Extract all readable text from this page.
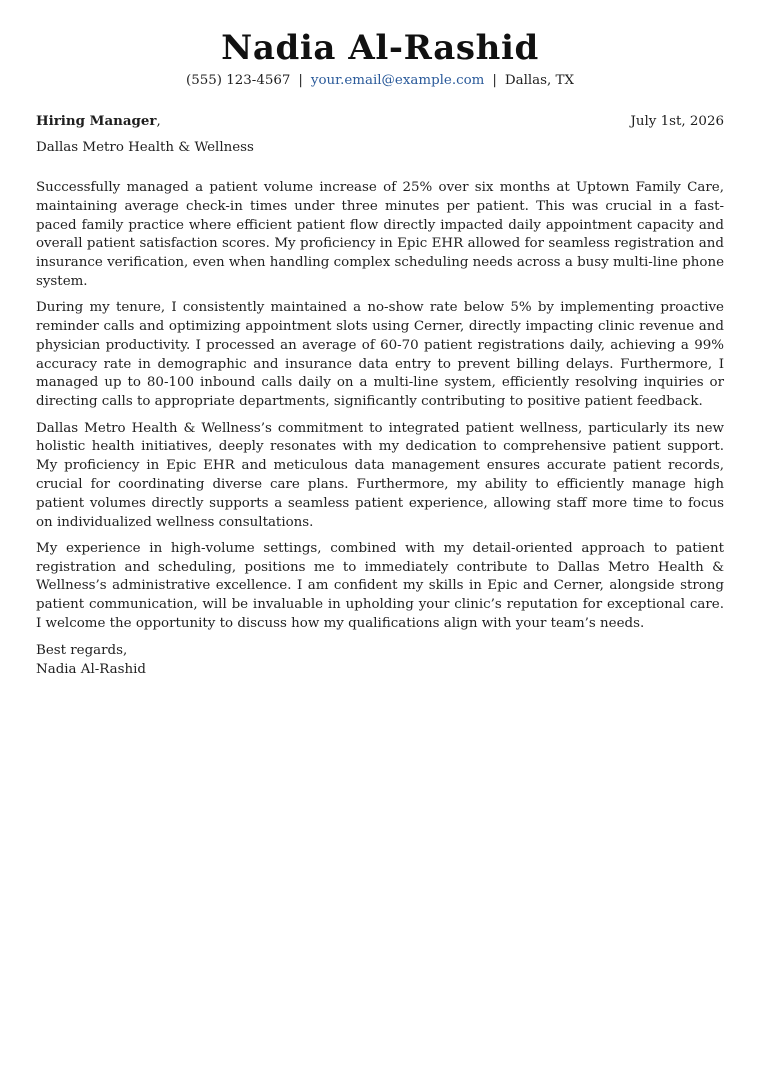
Nadia Al-Rashid
(555) 123-4567 | your.email@example.com | Dallas, TX
Hiring Manager,	July 1st, 2026
Dallas Metro Health & Wellness

Successfully managed a patient volume increase of 25% over six months at Uptown Family Care, maintaining average check-in times under three minutes per patient. This was crucial in a fast-paced family practice where efficient patient flow directly impacted daily appointment capacity and overall patient satisfaction scores. My proficiency in Epic EHR allowed for seamless registration and insurance verification, even when handling complex scheduling needs across a busy multi-line phone system.

During my tenure, I consistently maintained a no-show rate below 5% by implementing proactive reminder calls and optimizing appointment slots using Cerner, directly impacting clinic revenue and physician productivity. I processed an average of 60-70 patient registrations daily, achieving a 99% accuracy rate in demographic and insurance data entry to prevent billing delays. Furthermore, I managed up to 80-100 inbound calls daily on a multi-line system, efficiently resolving inquiries or directing calls to appropriate departments, significantly contributing to positive patient feedback.

Dallas Metro Health & Wellness’s commitment to integrated patient wellness, particularly its new holistic health initiatives, deeply resonates with my dedication to comprehensive patient support. My proficiency in Epic EHR and meticulous data management ensures accurate patient records, crucial for coordinating diverse care plans. Furthermore, my ability to efficiently manage high patient volumes directly supports a seamless patient experience, allowing staff more time to focus on individualized wellness consultations.

My experience in high-volume settings, combined with my detail-oriented approach to patient registration and scheduling, positions me to immediately contribute to Dallas Metro Health & Wellness’s administrative excellence. I am confident my skills in Epic and Cerner, alongside strong patient communication, will be invaluable in upholding your clinic’s reputation for exceptional care. I welcome the opportunity to discuss how my qualifications align with your team’s needs.

Best regards,
Nadia Al-Rashid
